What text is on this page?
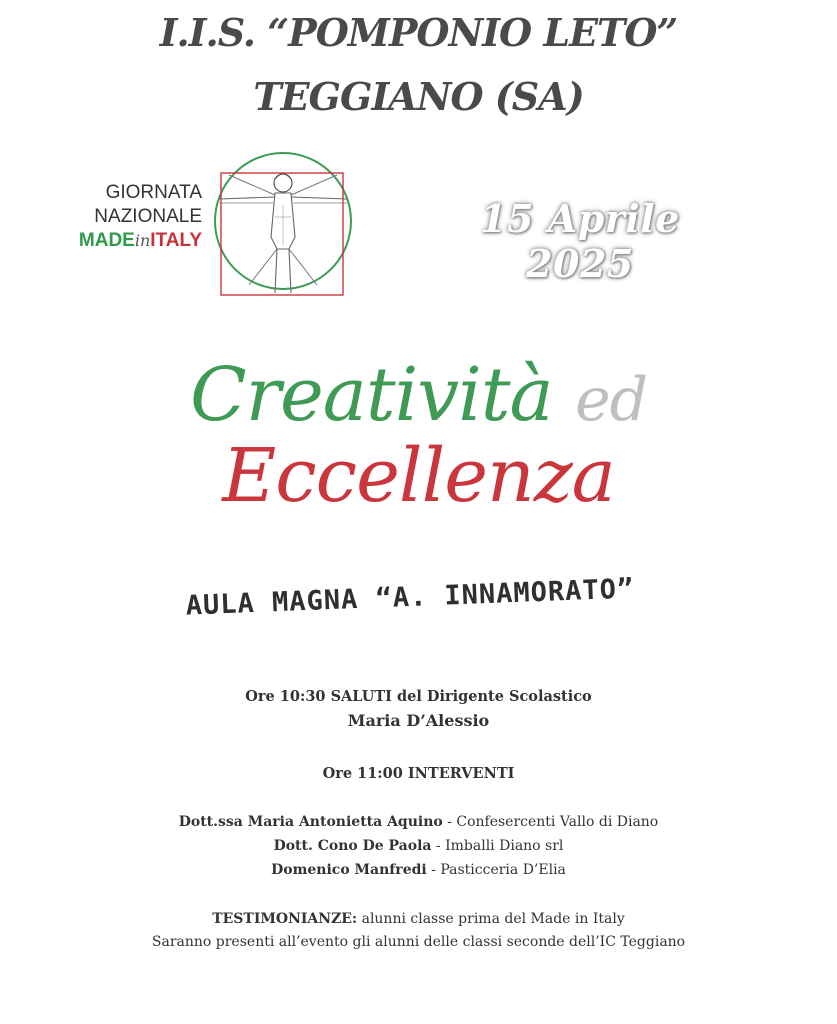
I.I.S. “POMPONIO LETO”
TEGGIANO (SA)
GIORNATA
NAZIONALE
MADEinITALY	15 Aprile 2025
Creatività ed Eccellenza
AULA MAGNA “A. INNAMORATO”
Ore 10:30 SALUTI del Dirigente Scolastico
Maria D’Alessio
Ore 11:00 INTERVENTI
Dott.ssa Maria Antonietta Aquino - Confesercenti Vallo di Diano
Dott. Cono De Paola - Imballi Diano srl
Domenico Manfredi - Pasticceria D’Elia
TESTIMONIANZE: alunni classe prima del Made in Italy
Saranno presenti all’evento gli alunni delle classi seconde dell’IC Teggiano
